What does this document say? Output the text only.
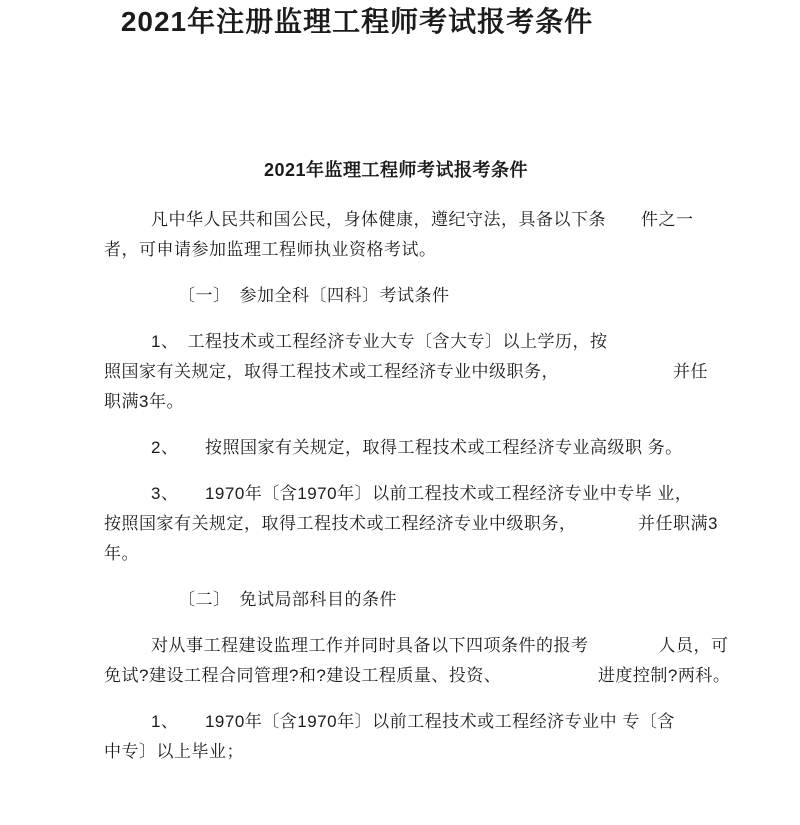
2021年注册监理工程师考试报考条件
2021年监理工程师考试报考条件
凡中华人民共和国公民，身体健康，遵纪守法，具备以下条　　件之一
者，可申请参加监理工程师执业资格考试。
〔一〕　参加全科〔四科〕考试条件
1、　工程技术或工程经济专业大专〔含大专〕以上学历，按
照国家有关规定，取得工程技术或工程经济专业中级职务，　　　　　　　并任
职满3年。
2、　　按照国家有关规定，取得工程技术或工程经济专业高级职 务。
3、　　1970年〔含1970年〕以前工程技术或工程经济专业中专毕 业，
按照国家有关规定，取得工程技术或工程经济专业中级职务，　　　　并任职满3
年。
〔二〕　免试局部科目的条件
对从事工程建设监理工作并同时具备以下四项条件的报考　　　　人员，可
免试?建设工程合同管理?和?建设工程质量、投资、　　　　　　进度控制?两科。
1、　　1970年〔含1970年〕以前工程技术或工程经济专业中 专〔含
中专〕以上毕业；
